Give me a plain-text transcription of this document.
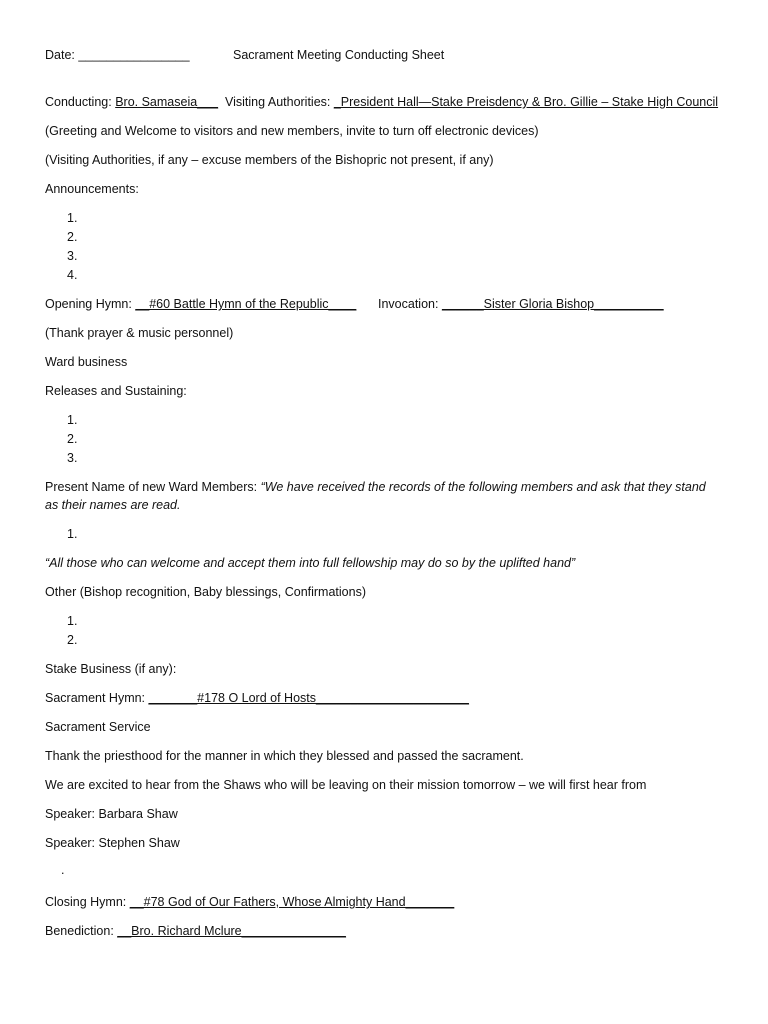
Date: ________________	Sacrament Meeting Conducting Sheet
Conducting: Bro. Samaseia___ Visiting Authorities: _President Hall—Stake Preisdency & Bro. Gillie – Stake High Council
(Greeting and Welcome to visitors and new members, invite to turn off electronic devices)
(Visiting Authorities, if any – excuse members of the Bishopric not present, if any)
Announcements:
1.
2.
3.
4.
Opening Hymn: __#60 Battle Hymn of the Republic____ Invocation: ______Sister Gloria Bishop__________
(Thank prayer & music personnel)
Ward business
Releases and Sustaining:
1.
2.
3.
Present Name of new Ward Members: “We have received the records of the following members and ask that they stand
as their names are read.
1.
“All those who can welcome and accept them into full fellowship may do so by the uplifted hand”
Other (Bishop recognition, Baby blessings, Confirmations)
1.
2.
Stake Business (if any):
Sacrament Hymn: _______#178 O Lord of Hosts______________________
Sacrament Service
Thank the priesthood for the manner in which they blessed and passed the sacrament.
We are excited to hear from the Shaws who will be leaving on their mission tomorrow – we will first hear from
Speaker: Barbara Shaw
Speaker: Stephen Shaw
.
Closing Hymn: __#78 God of Our Fathers, Whose Almighty Hand_______
Benediction: __Bro. Richard Mclure_______________
